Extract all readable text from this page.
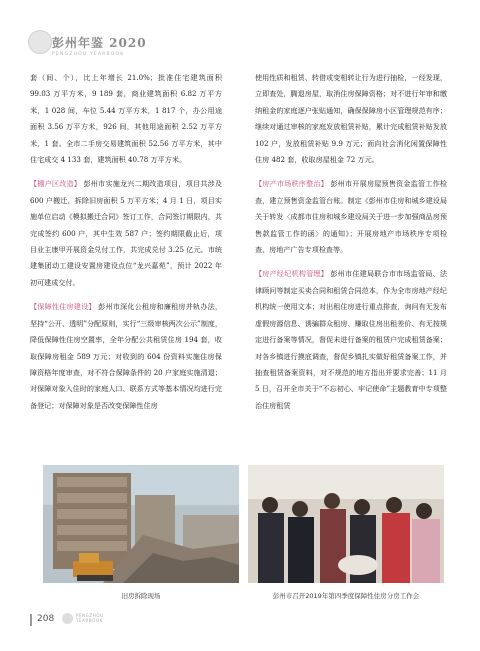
彭州年鉴 2020
PENGZHOU YEARBOOK

套（间、个），比上年增长 21.0%；批准住宅建筑面积 99.03 万平方米，9 189 套，商业建筑面积 6.82 万平方米，1 028 间，车位 5.44 万平方米，1 817 个，办公用途面积 3.56 万平方米，926 间，其他用途面积 2.52 万平方米，1 套。全市二手房交易建筑面积 52.56 万平方米，其中住宅成交 4 133 套，建筑面积 40.78 万平方米。

【棚户区改造】 彭州市实施龙兴二期改造项目，项目共涉及 600 户搬迁，拆除旧房面积 5 万平方米；4 月 1 日，项目实施单位启动《模拟搬迁合同》签订工作，合同签订期限内，共完成签约 600 户，其中生效 587 户；签约期限截止后，项目业主康甲开展资金兑付工作，共完成兑付 3.25 亿元。市统建集团动工建设安置房建设点位“龙兴嘉苑”，预计 2022 年初可建成交付。

【保障性住房建设】 彭州市深化公租房和廉租房并轨办法，坚持“公开、透明”分配原则，实行“三级审核两次公示”制度，降低保障性住房空置率，全年分配公共租赁住房 194 套，收取保障房租金 589 万元；对收到的 604 份资料实施住房保障资格年度审查，对不符合保障条件的 20 户家庭实施清退；对保障对象入住时的家庭人口、联系方式等基本情况均进行完备登记；对保障对象是否改变保障性住房

使用性质和租赁、转借或变相转让行为进行抽检，一经发现，立即查处，腾退房屋，取消住房保障资格；对不进行年审和缴纳租金的家庭逐户张贴通知，确保保障房小区管理规范有序；继续对通过审核的家庭发放租赁补贴，累计完成租赁补贴发放 102 户，发放租赁补贴 9.9 万元；面向社会消化闲置保障性住房 482 套，收取房屋租金 72 万元。

【房产市场秩序整治】 彭州市开展房屋预售资金监管工作检查，建立预售资金监管台账。制定《彭州市住房和城乡建设局关于转发〈成都市住房和城乡建设局关于进一步加强商品房预售款监管工作的函〉的通知》；开展房地产市场秩序专项检查、房地产广告专项检查等。

【房产经纪机构管理】 彭州市住建局联合市市场监管局、法律顾问等制定买卖合同和租赁合同范本，作为全市房地产经纪机构统一使用文本；对出租住房进行重点排查，询问有无发布虚假房源信息、诱骗群众租房、赚取住房出租差价、有无按规定进行备案等情况，督促未进行备案的租赁户完成租赁备案；对各乡镇进行摸底调查，督促乡镇扎实做好租赁备案工作，并抽查租赁备案资料，对不规范的地方指出并要求完善；11 月 5 日，召开全市关于“不忘初心、牢记使命”主题教育中专项整治住房租赁

旧房拆除现场	彭州市召开2019年第四季度保障性住房分房工作会
208	PENGZHOU
YEARBOOK
